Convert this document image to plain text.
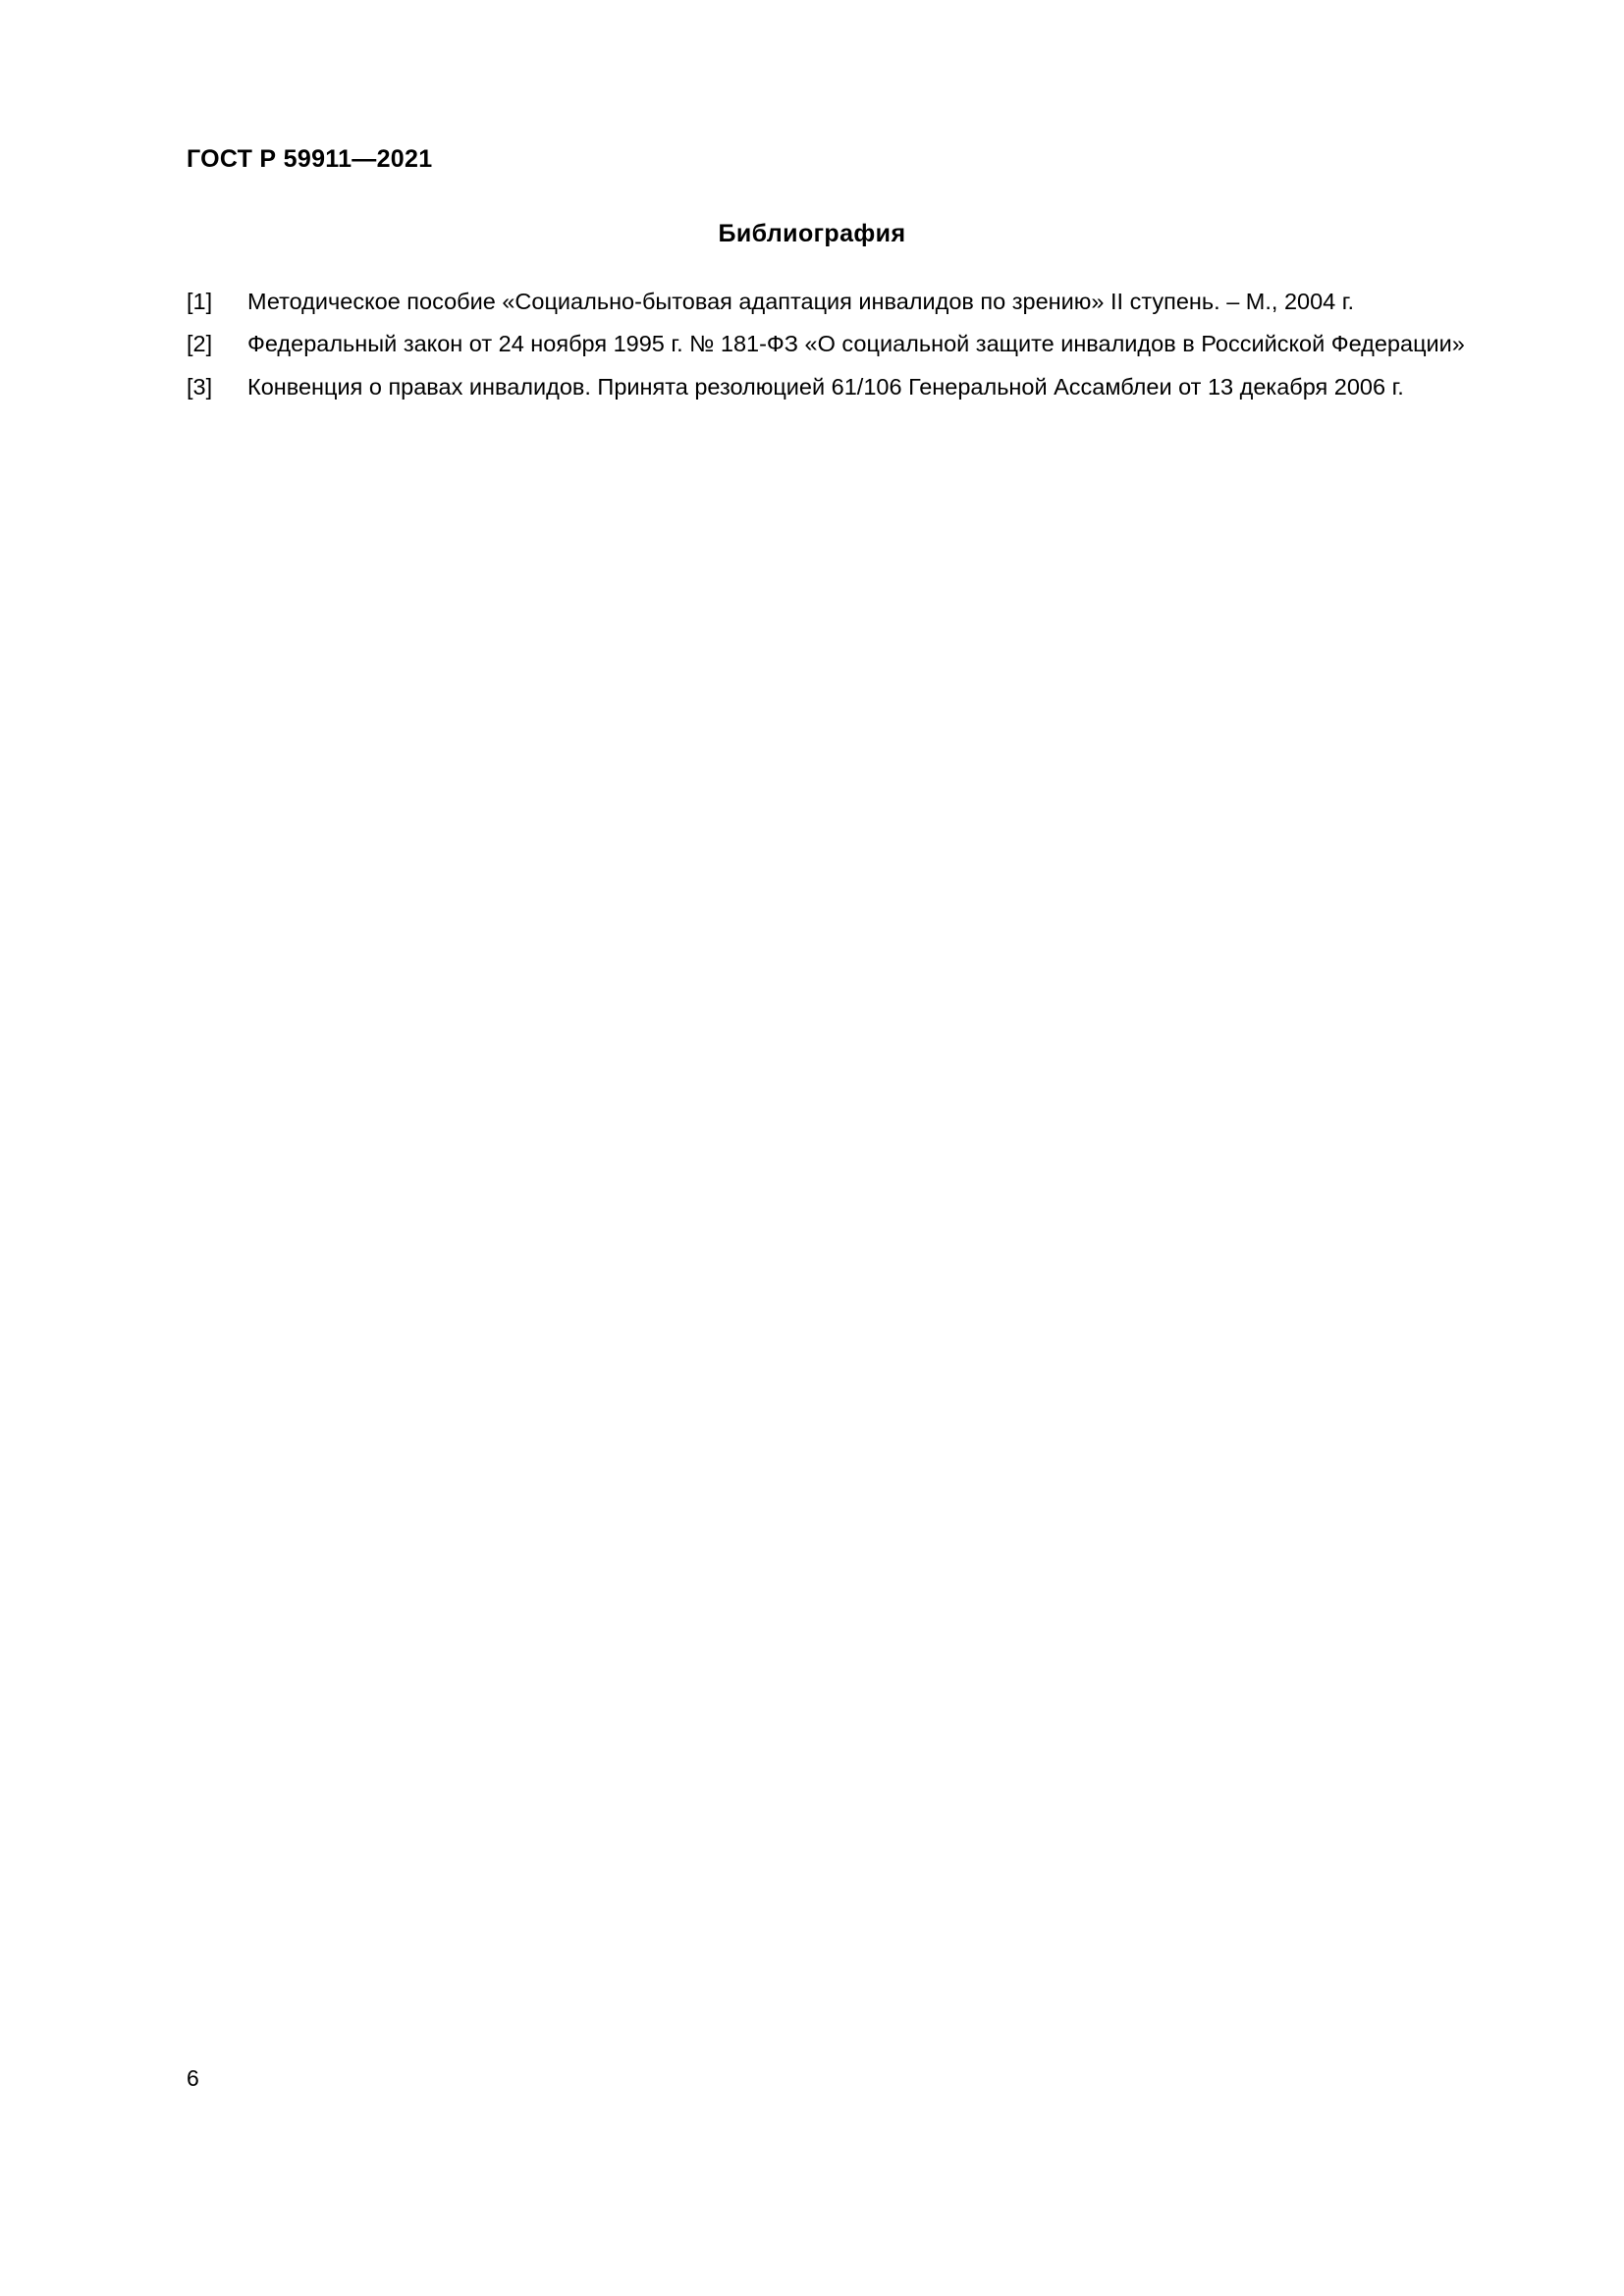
ГОСТ Р 59911—2021
Библиография
[1]	Методическое пособие «Социально-бытовая адаптация инвалидов по зрению» II ступень. – М., 2004 г.
[2]	Федеральный закон от 24 ноября 1995 г. № 181-ФЗ «О социальной защите инвалидов в Российской Федерации»
[3]	Конвенция о правах инвалидов. Принята резолюцией 61/106 Генеральной Ассамблеи от 13 декабря 2006 г.
6
